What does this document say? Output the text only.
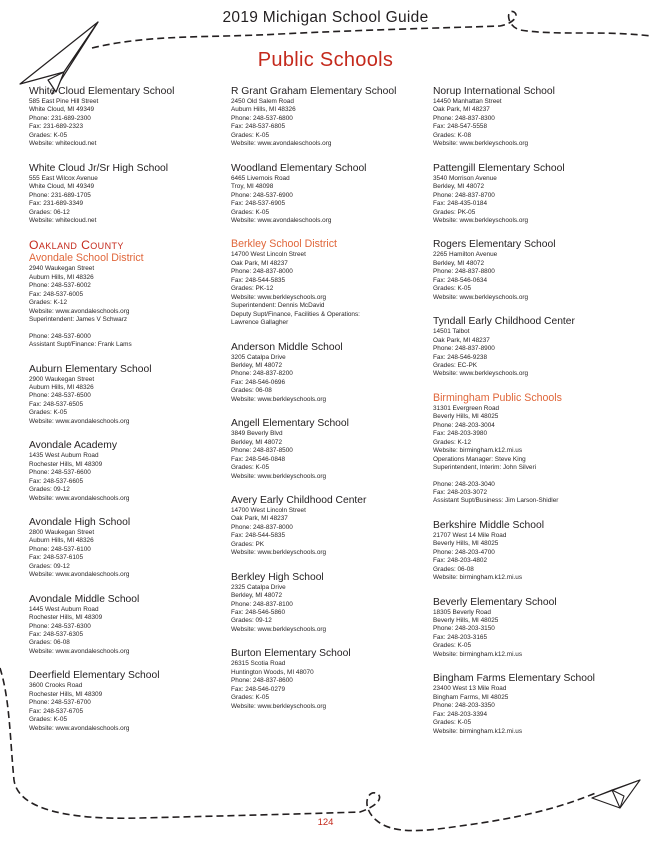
2019 Michigan School Guide
Public Schools
White Cloud Elementary School
585 East Pine Hill Street
White Cloud, MI 49349
Phone: 231-689-2300
Fax: 231-689-2323
Grades: K-05
Website: whitecloud.net
White Cloud Jr/Sr High School
555 East Wilcox Avenue
White Cloud, MI 49349
Phone: 231-689-1705
Fax: 231-689-3349
Grades: 06-12
Website: whitecloud.net
Oakland County
Avondale School District
2940 Waukegan Street
Auburn Hills, MI 48326
Phone: 248-537-6002
Fax: 248-537-6005
Grades: K-12
Website: www.avondaleschools.org
Superintendent: James V Schwarz
Phone: 248-537-6000
Assistant Supt/Finance: Frank Lams
Auburn Elementary School
2900 Waukegan Street
Auburn Hills, MI 48326
Phone: 248-537-6500
Fax: 248-537-6505
Grades: K-05
Website: www.avondaleschools.org
Avondale Academy
1435 West Auburn Road
Rochester Hills, MI 48309
Phone: 248-537-6600
Fax: 248-537-6605
Grades: 09-12
Website: www.avondaleschools.org
Avondale High School
2800 Waukegan Street
Auburn Hills, MI 48326
Phone: 248-537-6100
Fax: 248-537-6105
Grades: 09-12
Website: www.avondaleschools.org
Avondale Middle School
1445 West Auburn Road
Rochester Hills, MI 48309
Phone: 248-537-6300
Fax: 248-537-6305
Grades: 06-08
Website: www.avondaleschools.org
Deerfield Elementary School
3600 Crooks Road
Rochester Hills, MI 48309
Phone: 248-537-6700
Fax: 248-537-6705
Grades: K-05
Website: www.avondaleschools.org
R Grant Graham Elementary School
2450 Old Salem Road
Auburn Hills, MI 48326
Phone: 248-537-6800
Fax: 248-537-6805
Grades: K-05
Website: www.avondaleschools.org
Woodland Elementary School
6465 Livernois Road
Troy, MI 48098
Phone: 248-537-6900
Fax: 248-537-6905
Grades: K-05
Website: www.avondaleschools.org
Berkley School District
14700 West Lincoln Street
Oak Park, MI 48237
Phone: 248-837-8000
Fax: 248-544-5835
Grades: PK-12
Website: www.berkleyschools.org
Superintendent: Dennis McDavid
Deputy Supt/Finance, Facilities & Operations:
Lawrence Gallagher
Anderson Middle School
3205 Catalpa Drive
Berkley, MI 48072
Phone: 248-837-8200
Fax: 248-546-0696
Grades: 06-08
Website: www.berkleyschools.org
Angell Elementary School
3849 Beverly Blvd
Berkley, MI 48072
Phone: 248-837-8500
Fax: 248-546-0848
Grades: K-05
Website: www.berkleyschools.org
Avery Early Childhood Center
14700 West Lincoln Street
Oak Park, MI 48237
Phone: 248-837-8000
Fax: 248-544-5835
Grades: PK
Website: www.berkleyschools.org
Berkley High School
2325 Catalpa Drive
Berkley, MI 48072
Phone: 248-837-8100
Fax: 248-546-5860
Grades: 09-12
Website: www.berkleyschools.org
Burton Elementary School
26315 Scotia Road
Huntington Woods, MI 48070
Phone: 248-837-8600
Fax: 248-546-0279
Grades: K-05
Website: www.berkleyschools.org
Norup International School
14450 Manhattan Street
Oak Park, MI 48237
Phone: 248-837-8300
Fax: 248-547-5558
Grades: K-08
Website: www.berkleyschools.org
Pattengill Elementary School
3540 Morrison Avenue
Berkley, MI 48072
Phone: 248-837-8700
Fax: 248-435-0184
Grades: PK-05
Website: www.berkleyschools.org
Rogers Elementary School
2265 Hamilton Avenue
Berkley, MI 48072
Phone: 248-837-8800
Fax: 248-546-0634
Grades: K-05
Website: www.berkleyschools.org
Tyndall Early Childhood Center
14501 Talbot
Oak Park, MI 48237
Phone: 248-837-8900
Fax: 248-546-9238
Grades: EC-PK
Website: www.berkleyschools.org
Birmingham Public Schools
31301 Evergreen Road
Beverly Hills, MI 48025
Phone: 248-203-3004
Fax: 248-203-3980
Grades: K-12
Website: birmingham.k12.mi.us
Operations Manager: Steve King
Superintendent, Interim: John Silveri
Phone: 248-203-3040
Fax: 248-203-3072
Assistant Supt/Business: Jim Larson-Shidler
Berkshire Middle School
21707 West 14 Mile Road
Beverly Hills, MI 48025
Phone: 248-203-4700
Fax: 248-203-4802
Grades: 06-08
Website: birmingham.k12.mi.us
Beverly Elementary School
18305 Beverly Road
Beverly Hills, MI 48025
Phone: 248-203-3150
Fax: 248-203-3165
Grades: K-05
Website: birmingham.k12.mi.us
Bingham Farms Elementary School
23400 West 13 Mile Road
Bingham Farms, MI 48025
Phone: 248-203-3350
Fax: 248-203-3394
Grades: K-05
Website: birmingham.k12.mi.us
124
